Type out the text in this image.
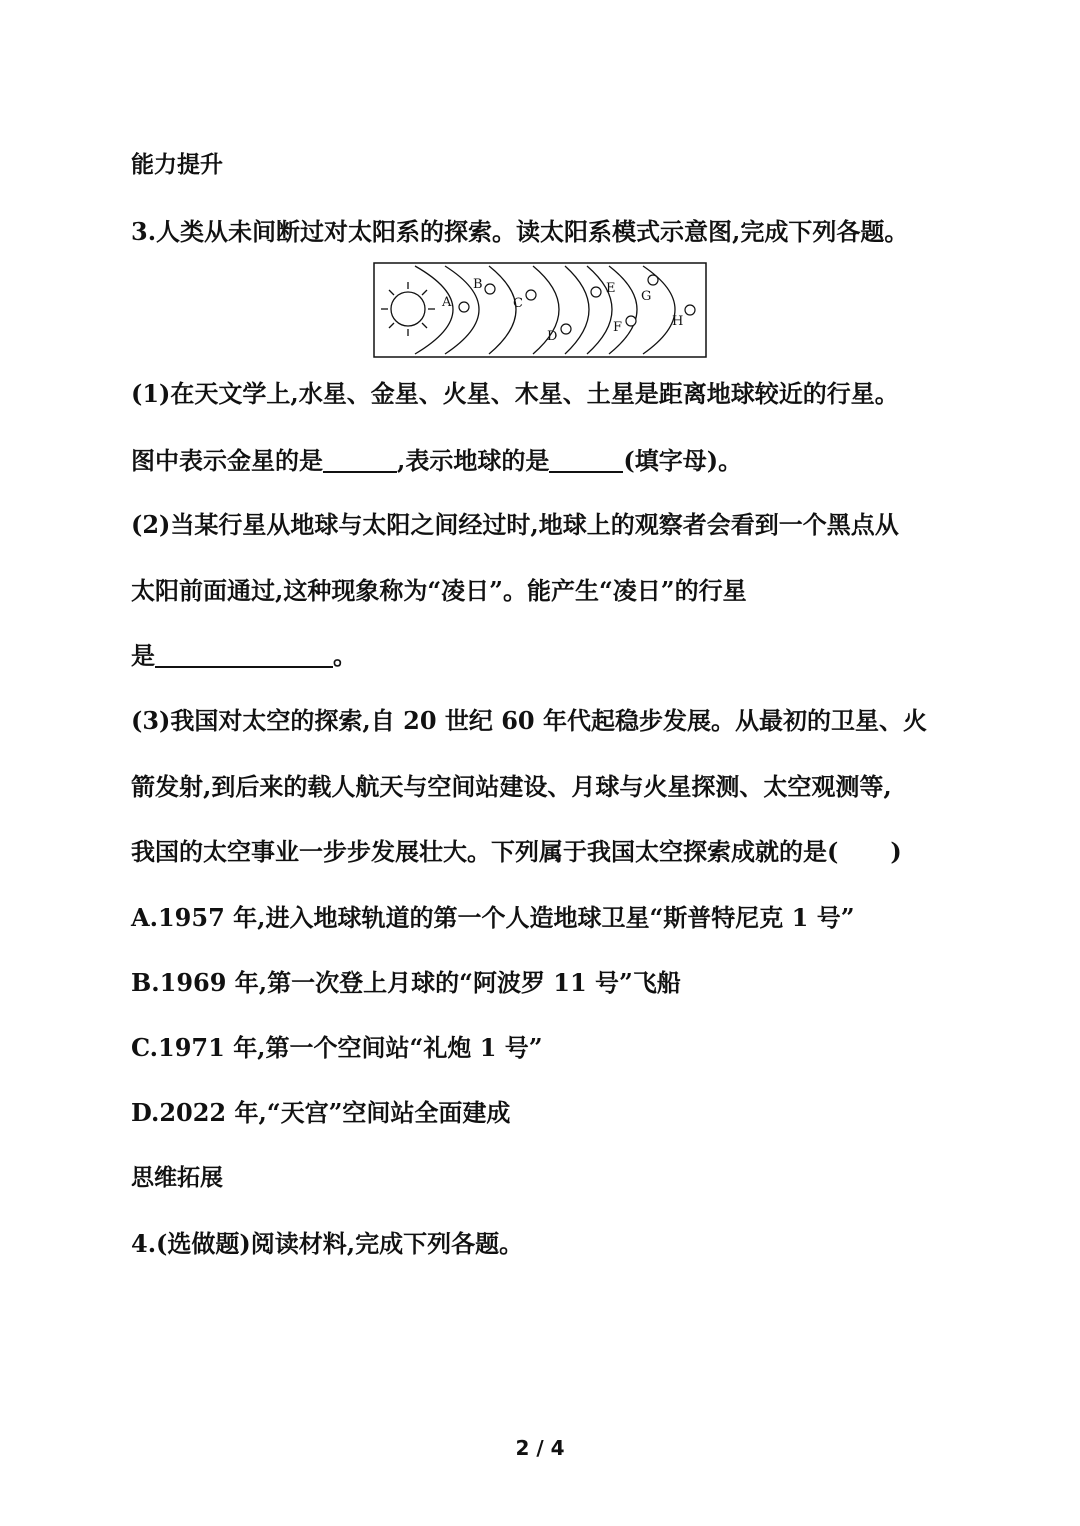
能力提升
3.人类从未间断过对太阳系的探索。读太阳系模式示意图,完成下列各题。
A
B
C
D
E
F
G
H
(1)在天文学上,水星、金星、火星、木星、土星是距离地球较近的行星。
图中表示金星的是	,表示地球的是	(填字母)。
(2)当某行星从地球与太阳之间经过时,地球上的观察者会看到一个黑点从
太阳前面通过,这种现象称为“凌日”。能产生“凌日”的行星
是	。
(3)我国对太空的探索,自 20 世纪 60 年代起稳步发展。从最初的卫星、火
箭发射,到后来的载人航天与空间站建设、月球与火星探测、太空观测等,
我国的太空事业一步步发展壮大。下列属于我国太空探索成就的是( )
A.1957 年,进入地球轨道的第一个人造地球卫星“斯普特尼克 1 号”
B.1969 年,第一次登上月球的“阿波罗 11 号”飞船
C.1971 年,第一个空间站“礼炮 1 号”
D.2022 年,“天宫”空间站全面建成
思维拓展
4.(选做题)阅读材料,完成下列各题。
2 / 4
